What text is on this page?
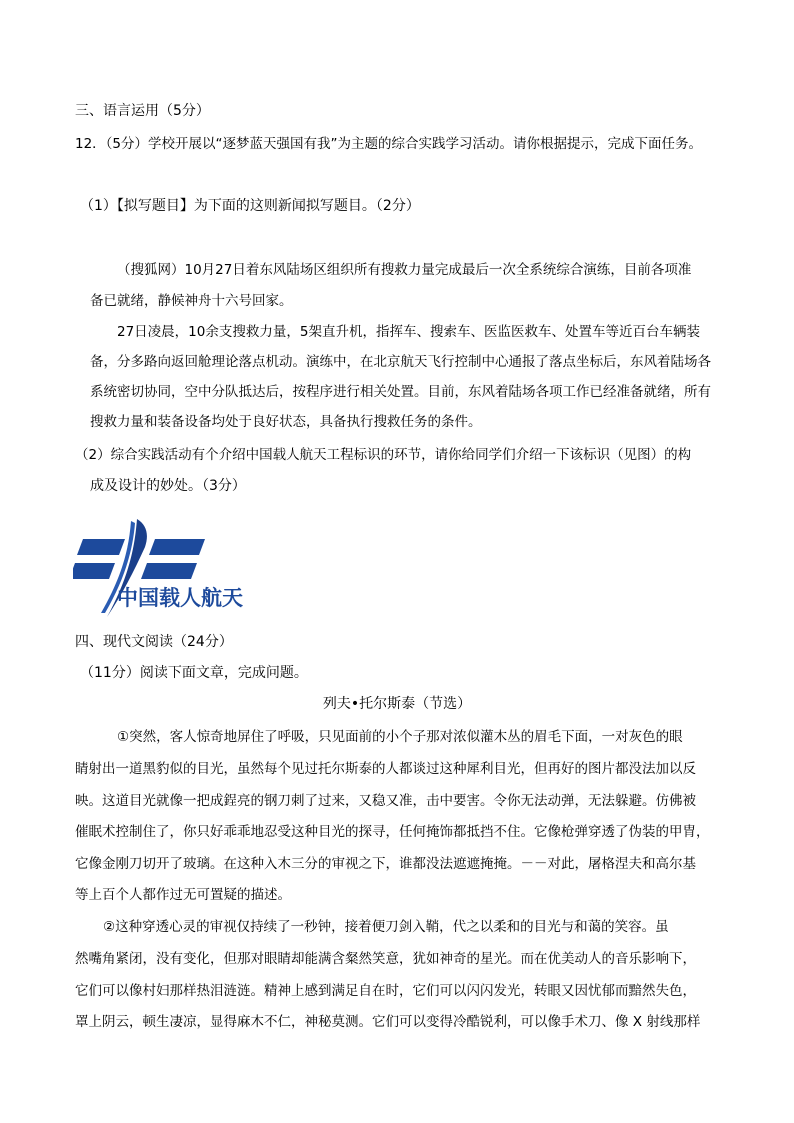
三、语言运用（5分）
12．（5分）学校开展以“逐梦蓝天强国有我”为主题的综合实践学习活动。请你根据提示，完成下面任务。
（1）【拟写题目】为下面的这则新闻拟写题目。（2分）
（搜狐网）10月27日着东风陆场区组织所有搜救力量完成最后一次全系统综合演练，目前各项准
备已就绪，静候神舟十六号回家。
27日凌晨，10余支搜救力量，5架直升机，指挥车、搜索车、医监医救车、处置车等近百台车辆装
备，分多路向返回舱理论落点机动。演练中，在北京航天飞行控制中心通报了落点坐标后，东风着陆场各
系统密切协同，空中分队抵达后，按程序进行相关处置。目前，东风着陆场各项工作已经准备就绪，所有
搜救力量和装备设备均处于良好状态，具备执行搜救任务的条件。
（2）综合实践活动有个介绍中国载人航天工程标识的环节，请你给同学们介绍一下该标识（见图）的构
成及设计的妙处。（3分）
中国载人航天
四、现代文阅读（24分）
（11分）阅读下面文章，完成问题。
列夫•托尔斯泰（节选）
①突然，客人惊奇地屏住了呼吸，只见面前的小个子那对浓似灌木丛的眉毛下面，一对灰色的眼
睛射出一道黑豹似的目光，虽然每个见过托尔斯泰的人都谈过这种犀利目光，但再好的图片都没法加以反
映。这道目光就像一把成鋥亮的钢刀刺了过来，又稳又准，击中要害。令你无法动弹，无法躲避。仿佛被
催眠术控制住了，你只好乖乖地忍受这种目光的探寻，任何掩饰都抵挡不住。它像枪弹穿透了伪装的甲胄，
它像金刚刀切开了玻璃。在这种入木三分的审视之下，谁都没法遮遮掩掩。－－对此，屠格涅夫和高尔基
等上百个人都作过无可置疑的描述。
②这种穿透心灵的审视仅持续了一秒钟，接着便刀剑入鞘，代之以柔和的目光与和蔼的笑容。虽
然嘴角紧闭，没有变化，但那对眼睛却能满含粲然笑意，犹如神奇的星光。而在优美动人的音乐影响下，
它们可以像村妇那样热泪涟涟。精神上感到满足自在时，它们可以闪闪发光，转眼又因忧郁而黯然失色，
罩上阴云，顿生凄凉，显得麻木不仁，神秘莫测。它们可以变得冷酷锐利，可以像手术刀、像 X 射线那样
